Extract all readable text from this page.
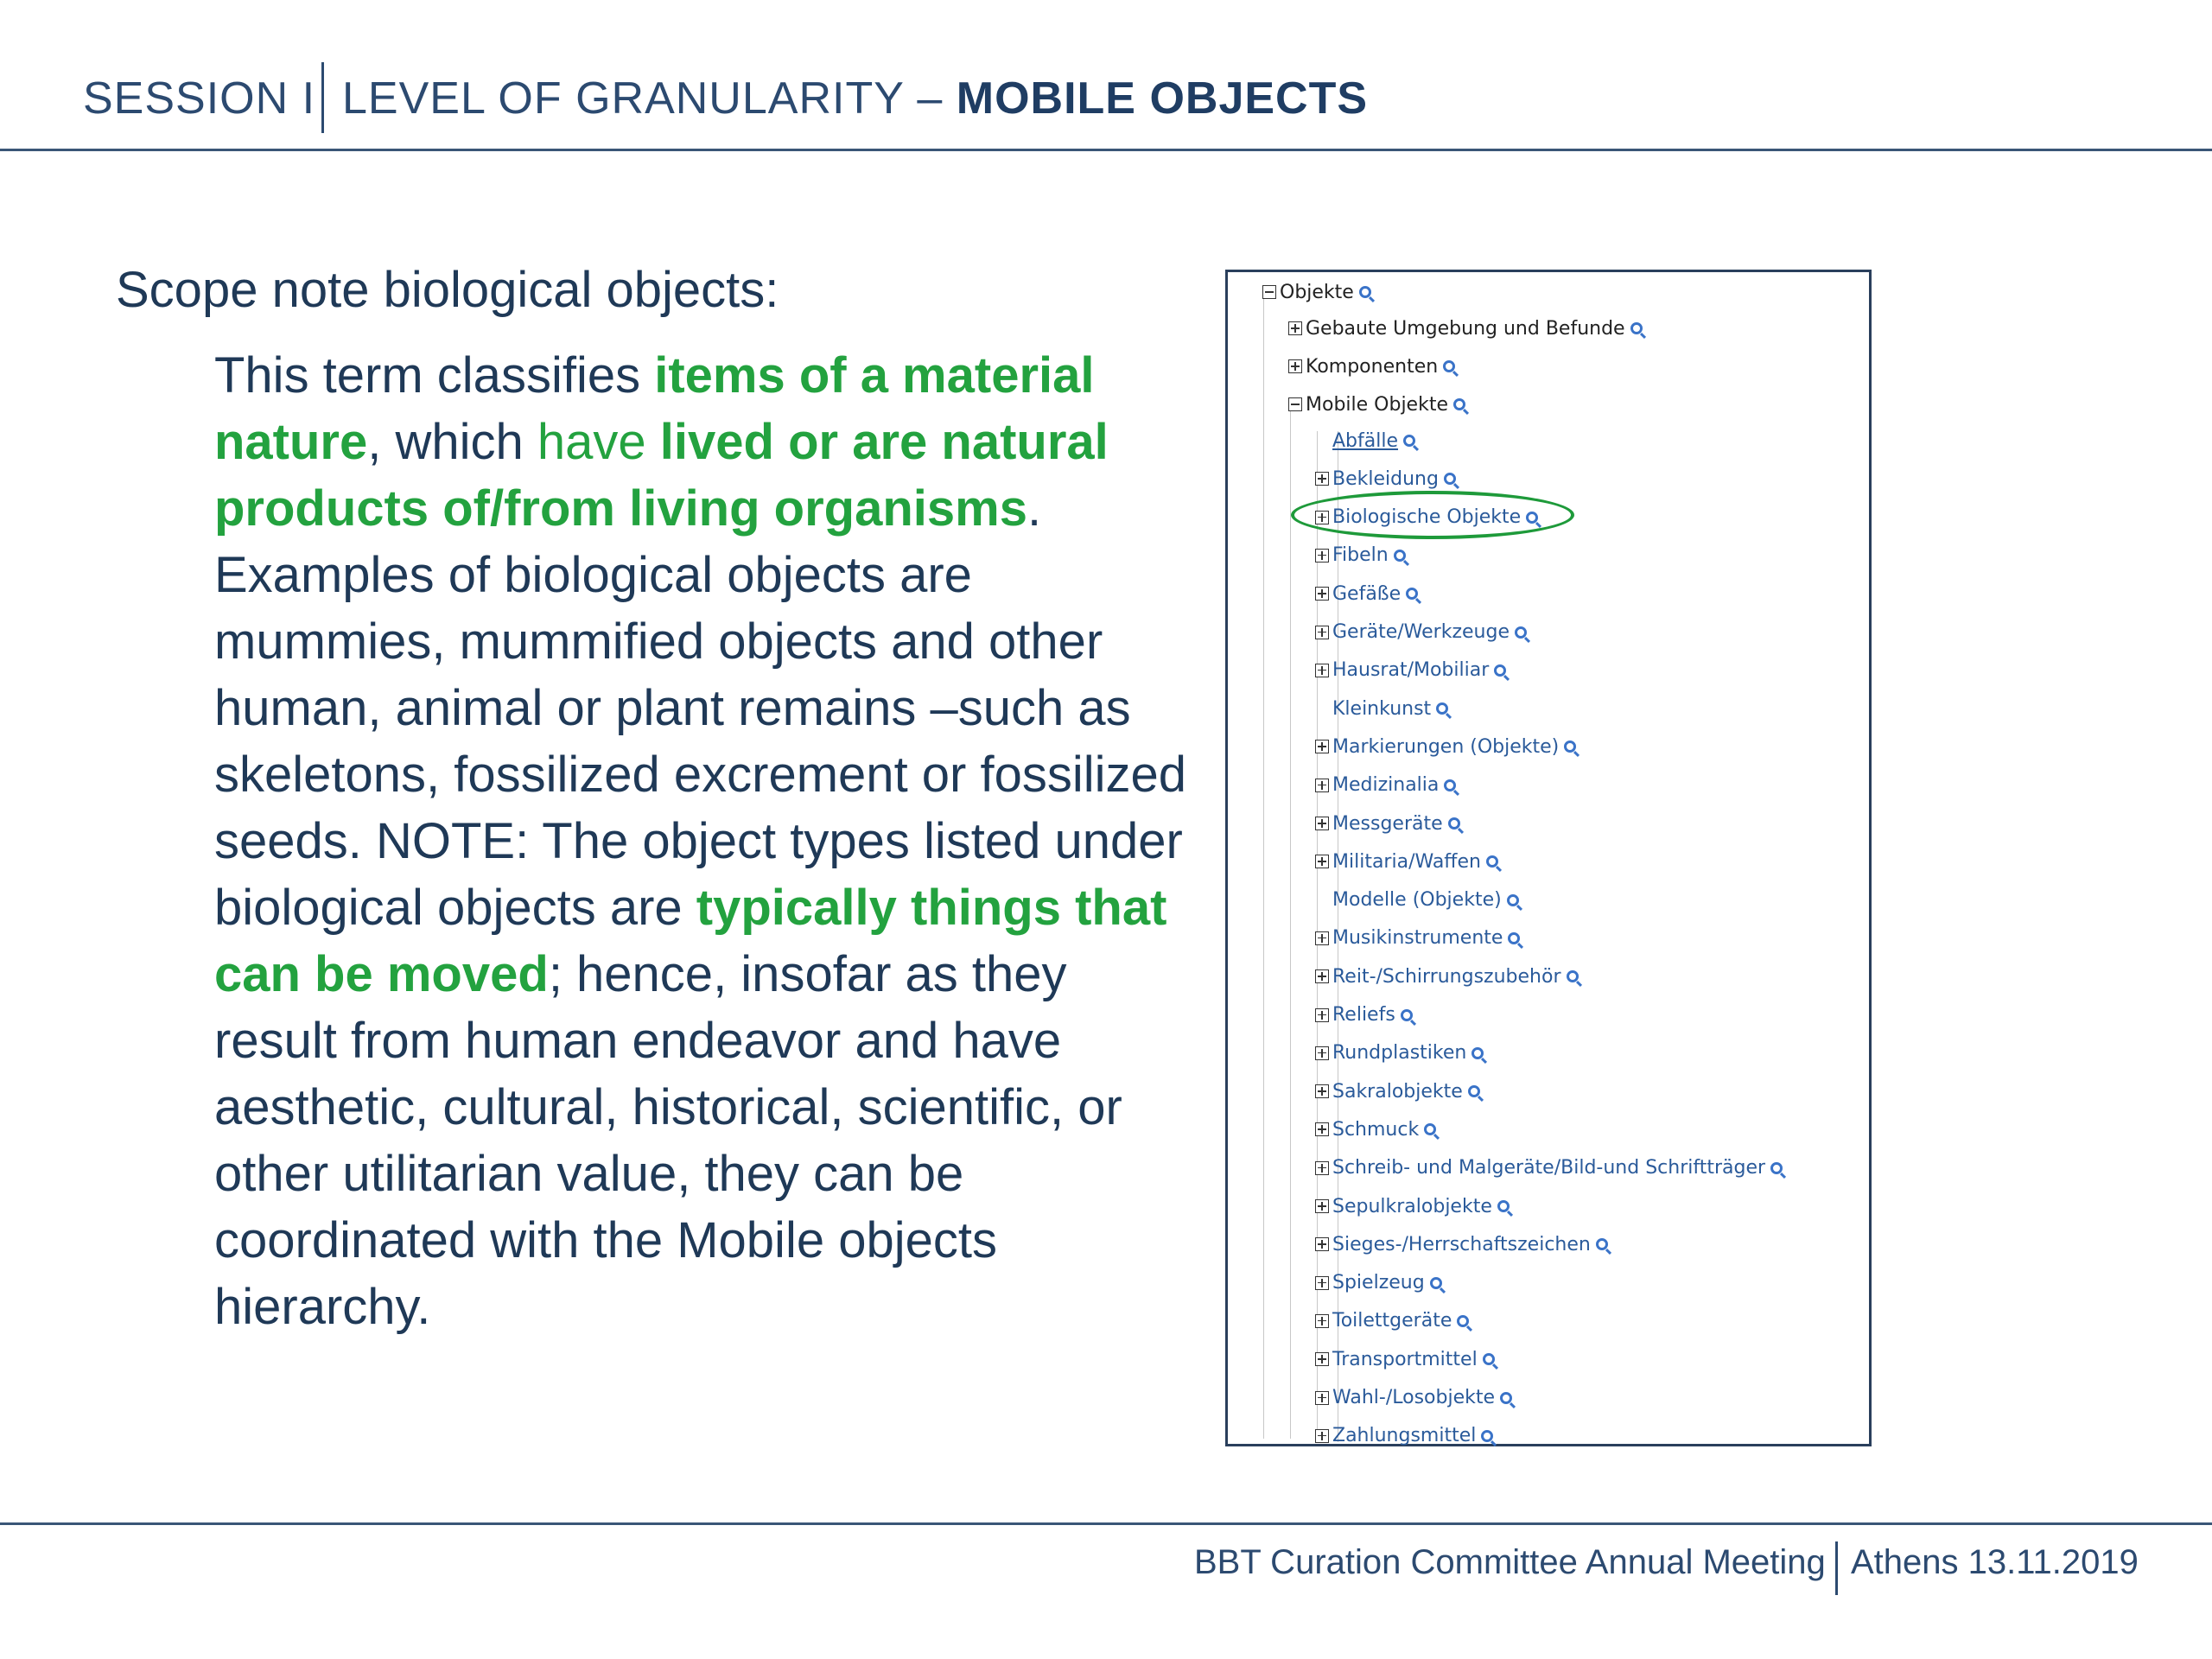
SESSION I LEVEL OF GRANULARITY – MOBILE OBJECTS
Scope note biological objects:
This term classifies items of a material nature, which have lived or are natural products of/from living organisms. Examples of biological objects are mummies, mummified objects and other human, animal or plant remains –such as skeletons, fossilized excrement or fossilized seeds. NOTE: The object types listed under biological objects are typically things that can be moved; hence, insofar as they result from human endeavor and have aesthetic, cultural, historical, scientific, or other utilitarian value, they can be coordinated with the Mobile objects hierarchy.
Objekte
Gebaute Umgebung und Befunde
Komponenten
Mobile Objekte
Abfälle
Bekleidung
Biologische Objekte
Fibeln
Gefäße
Geräte/Werkzeuge
Hausrat/Mobiliar
Kleinkunst
Markierungen (Objekte)
Medizinalia
Messgeräte
Militaria/Waffen
Modelle (Objekte)
Musikinstrumente
Reit-/Schirrungszubehör
Reliefs
Rundplastiken
Sakralobjekte
Schmuck
Schreib- und Malgeräte/Bild-und Schriftträger
Sepulkralobjekte
Sieges-/Herrschaftszeichen
Spielzeug
Toilettgeräte
Transportmittel
Wahl-/Losobjekte
Zahlungsmittel
BBT Curation Committee Annual Meeting Athens 13.11.2019
